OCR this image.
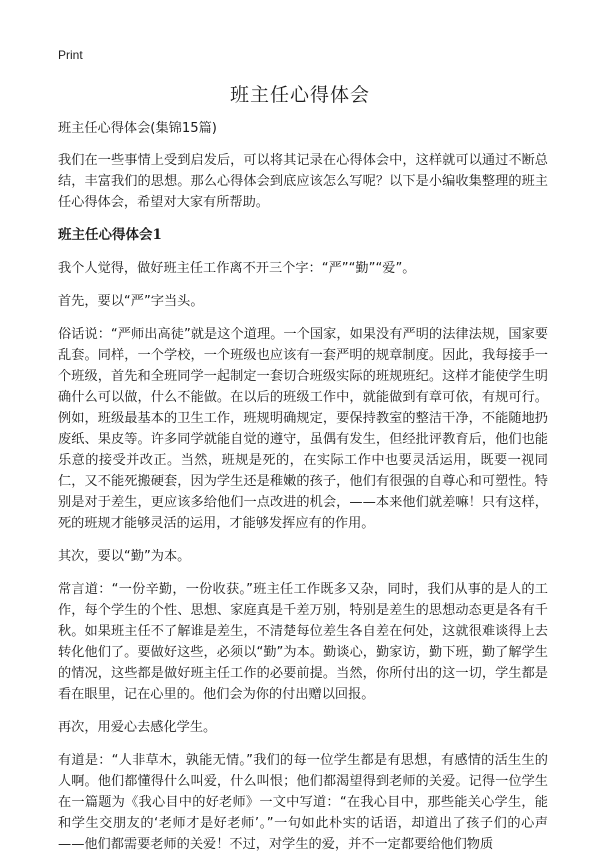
Print
班主任心得体会

班主任心得体会(集锦15篇)

我们在一些事情上受到启发后，可以将其记录在心得体会中，这样就可以通过不断总结，丰富我们的思想。那么心得体会到底应该怎么写呢？以下是小编收集整理的班主任心得体会，希望对大家有所帮助。

班主任心得体会1

我个人觉得，做好班主任工作离不开三个字：“严”“勤”“爱”。

首先，要以“严”字当头。

俗话说：“严师出高徒”就是这个道理。一个国家，如果没有严明的法律法规，国家要乱套。同样，一个学校，一个班级也应该有一套严明的规章制度。因此，我每接手一个班级，首先和全班同学一起制定一套切合班级实际的班规班纪。这样才能使学生明确什么可以做，什么不能做。在以后的班级工作中，就能做到有章可依，有规可行。例如，班级最基本的卫生工作，班规明确规定，要保持教室的整洁干净，不能随地扔废纸、果皮等。许多同学就能自觉的遵守，虽偶有发生，但经批评教育后，他们也能乐意的接受并改正。当然，班规是死的，在实际工作中也要灵活运用，既要一视同仁，又不能死搬硬套，因为学生还是稚嫩的孩子，他们有很强的自尊心和可塑性。特别是对于差生，更应该多给他们一点改进的机会，——本来他们就差嘛！只有这样，死的班规才能够灵活的运用，才能够发挥应有的作用。

其次，要以“勤”为本。

常言道：“一份辛勤，一份收获。”班主任工作既多又杂，同时，我们从事的是人的工作，每个学生的个性、思想、家庭真是千差万别，特别是差生的思想动态更是各有千秋。如果班主任不了解谁是差生，不清楚每位差生各自差在何处，这就很难谈得上去转化他们了。要做好这些，必须以“勤”为本。勤谈心，勤家访，勤下班，勤了解学生的情况，这些都是做好班主任工作的必要前提。当然，你所付出的这一切，学生都是看在眼里，记在心里的。他们会为你的付出赠以回报。

再次，用爱心去感化学生。

有道是：“人非草木，孰能无情。”我们的每一位学生都是有思想，有感情的活生生的人啊。他们都懂得什么叫爱，什么叫恨；他们都渴望得到老师的关爱。记得一位学生在一篇题为《我心目中的好老师》一文中写道：“在我心目中，那些能关心学生，能和学生交朋友的‘老师才是好老师’。”一句如此朴实的话语，却道出了孩子们的心声——他们都需要老师的关爱！不过，对学生的爱，并不一定都要给他们物质
